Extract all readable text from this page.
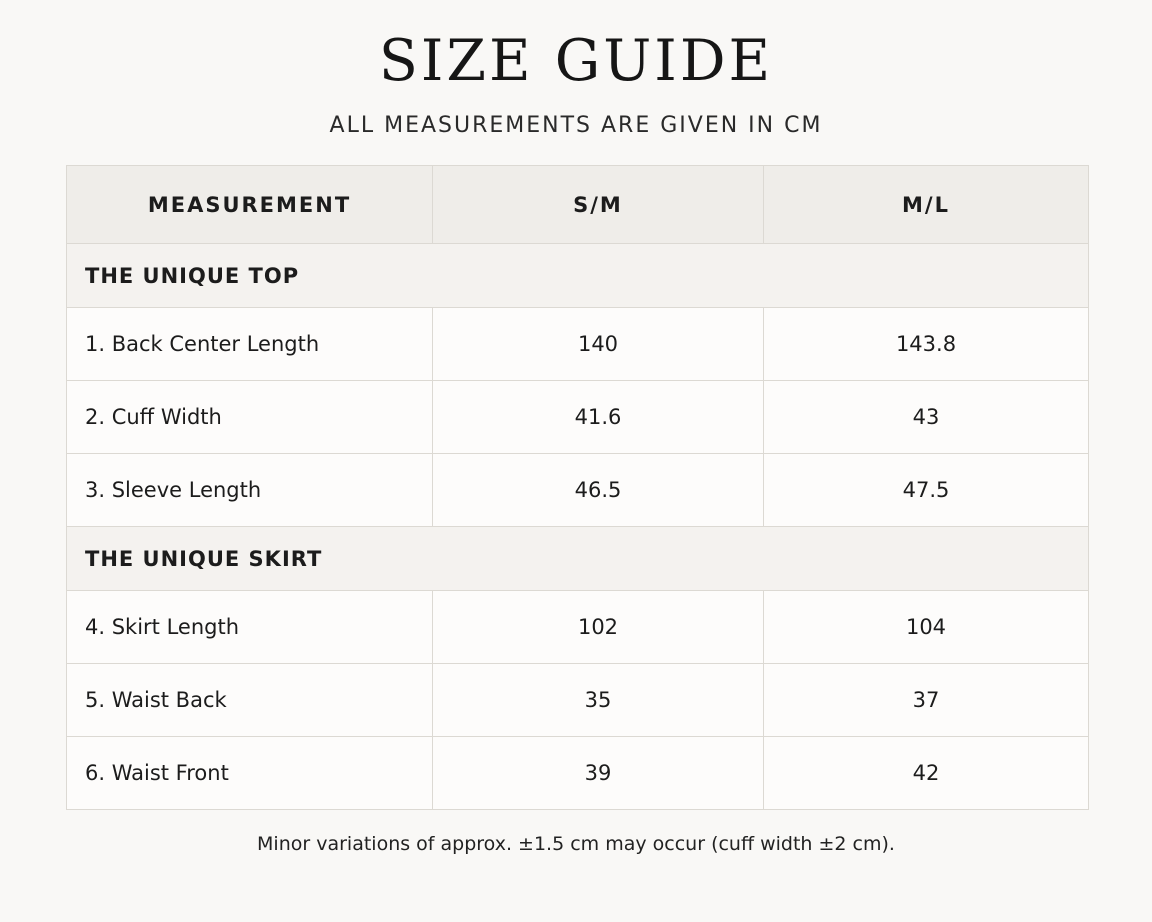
SIZE GUIDE

ALL MEASUREMENTS ARE GIVEN IN CM

MEASUREMENT	S/M	M/L
THE UNIQUE TOP		
1. Back Center Length	140	143.8
2. Cuff Width	41.6	43
3. Sleeve Length	46.5	47.5
THE UNIQUE SKIRT		
4. Skirt Length	102	104
5. Waist Back	35	37
6. Waist Front	39	42

Minor variations of approx. ±1.5 cm may occur (cuff width ±2 cm).
